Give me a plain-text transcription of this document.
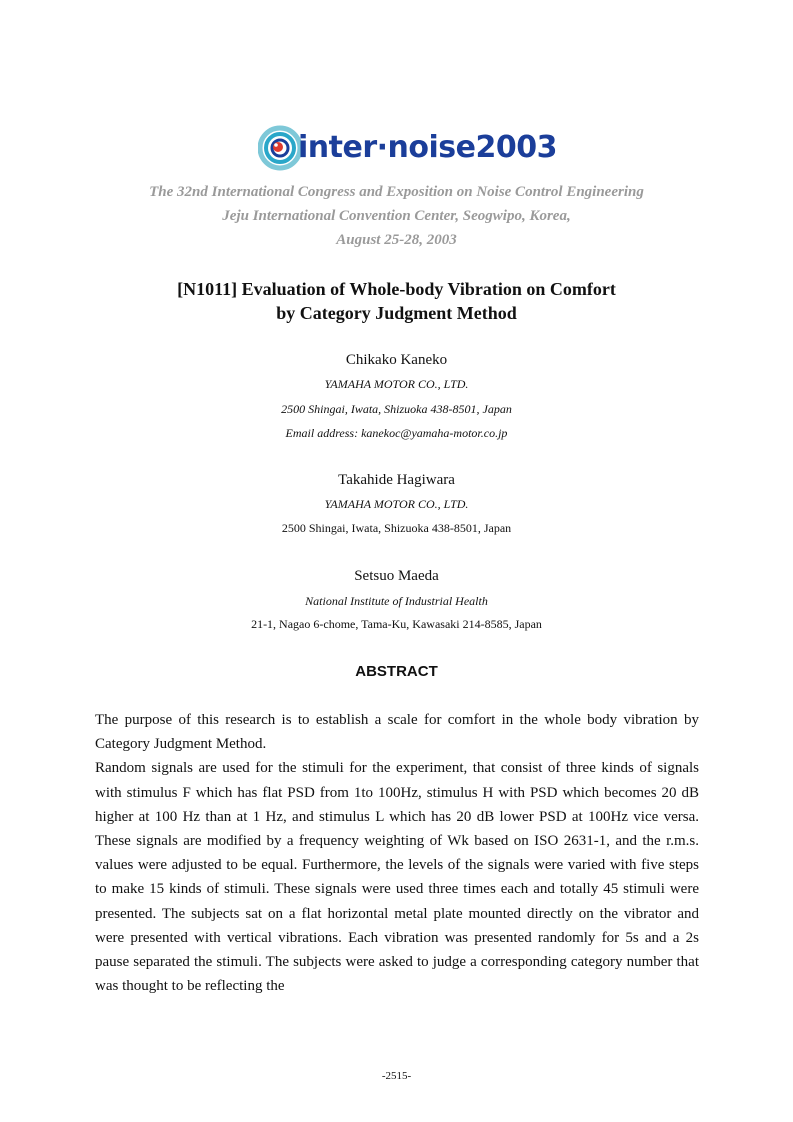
inter·noise2003
The 32nd International Congress and Exposition on Noise Control Engineering
Jeju International Convention Center, Seogwipo, Korea,
August 25-28, 2003
[N1011] Evaluation of Whole-body Vibration on Comfort
by Category Judgment Method
Chikako Kaneko
YAMAHA MOTOR CO., LTD.
2500 Shingai, Iwata, Shizuoka 438-8501, Japan
Email address: kanekoc@yamaha-motor.co.jp
Takahide Hagiwara
YAMAHA MOTOR CO., LTD.
2500 Shingai, Iwata, Shizuoka 438-8501, Japan
Setsuo Maeda
National Institute of Industrial Health
21-1, Nagao 6-chome, Tama-Ku, Kawasaki 214-8585, Japan
ABSTRACT

The purpose of this research is to establish a scale for comfort in the whole body vibration by Category Judgment Method.

Random signals are used for the stimuli for the experiment, that consist of three kinds of signals with stimulus F which has flat PSD from 1to 100Hz, stimulus H with PSD which becomes 20 dB higher at 100 Hz than at 1 Hz, and stimulus L which has 20 dB lower PSD at 100Hz vice versa. These signals are modified by a frequency weighting of Wk based on ISO 2631-1, and the r.m.s. values were adjusted to be equal. Furthermore, the levels of the signals were varied with five steps to make 15 kinds of stimuli. These signals were used three times each and totally 45 stimuli were presented. The subjects sat on a flat horizontal metal plate mounted directly on the vibrator and were presented with vertical vibrations. Each vibration was presented randomly for 5s and a 2s pause separated the stimuli. The subjects were asked to judge a corresponding category number that was thought to be reflecting the

-2515-
